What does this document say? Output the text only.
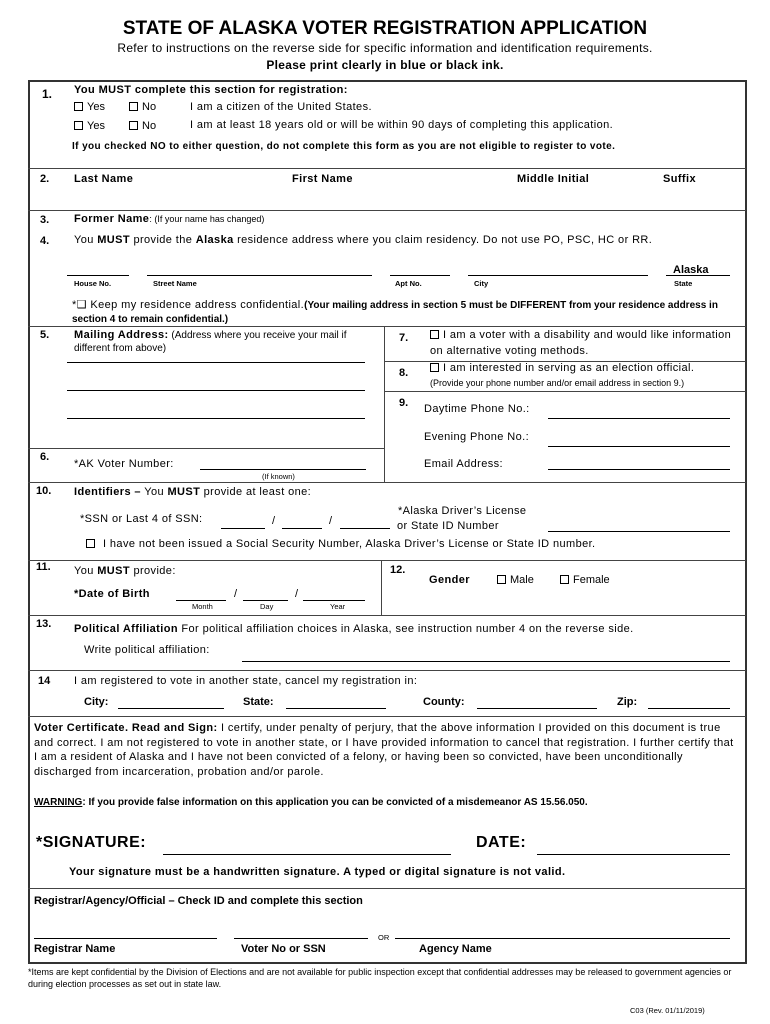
STATE OF ALASKA VOTER REGISTRATION APPLICATION
Refer to instructions on the reverse side for specific information and identification requirements.
Please print clearly in blue or black ink.
1. You MUST complete this section for registration:
Yes	No	I am a citizen of the United States.
Yes	No	I am at least 18 years old or will be within 90 days of completing this application.
If you checked NO to either question, do not complete this form as you are not eligible to register to vote.
2. Last Name	First Name	Middle Initial	Suffix
3. Former Name: (If your name has changed)
4. You MUST provide the Alaska residence address where you claim residency. Do not use PO, PSC, HC or RR.
Alaska
House No.	Street Name	Apt No.	City	State
*❑ Keep my residence address confidential.(Your mailing address in section 5 must be DIFFERENT from your residence address in section 4 to remain confidential.)
5. Mailing Address: (Address where you receive your mail if different from above)
6.
*AK Voter Number:
(If known)
7.	I am a voter with a disability and would like information on alternative voting methods.
8.	I am interested in serving as an election official.
(Provide your phone number and/or email address in section 9.)
9. Daytime Phone No.:
Evening Phone No.:
Email Address:
10. Identifiers – You MUST provide at least one:
*SSN or Last 4 of SSN:	/	/
*Alaska Driver’s License
or State ID Number
I have not been issued a Social Security Number, Alaska Driver’s License or State ID number.
11. You MUST provide:
*Date of Birth	/	/
Month	Day	Year
12.
Gender	Male	Female
13. Political Affiliation For political affiliation choices in Alaska, see instruction number 4 on the reverse side.
Write political affiliation:
14 I am registered to vote in another state, cancel my registration in:
City:	State:	County:	Zip:
Voter Certificate. Read and Sign: I certify, under penalty of perjury, that the above information I provided on this document is true and correct. I am not registered to vote in another state, or I have provided information to cancel that registration. I further certify that I am a resident of Alaska and I have not been convicted of a felony, or having been so convicted, have been unconditionally discharged from incarceration, probation and/or parole.
WARNING: If you provide false information on this application you can be convicted of a misdemeanor AS 15.56.050.
*SIGNATURE:	DATE:
Your signature must be a handwritten signature. A typed or digital signature is not valid.
Registrar/Agency/Official – Check ID and complete this section
OR
Registrar Name	Voter No or SSN	Agency Name
*Items are kept confidential by the Division of Elections and are not available for public inspection except that confidential addresses may be released to government agencies or during election processes as set out in state law.
C03 (Rev. 01/11/2019)
